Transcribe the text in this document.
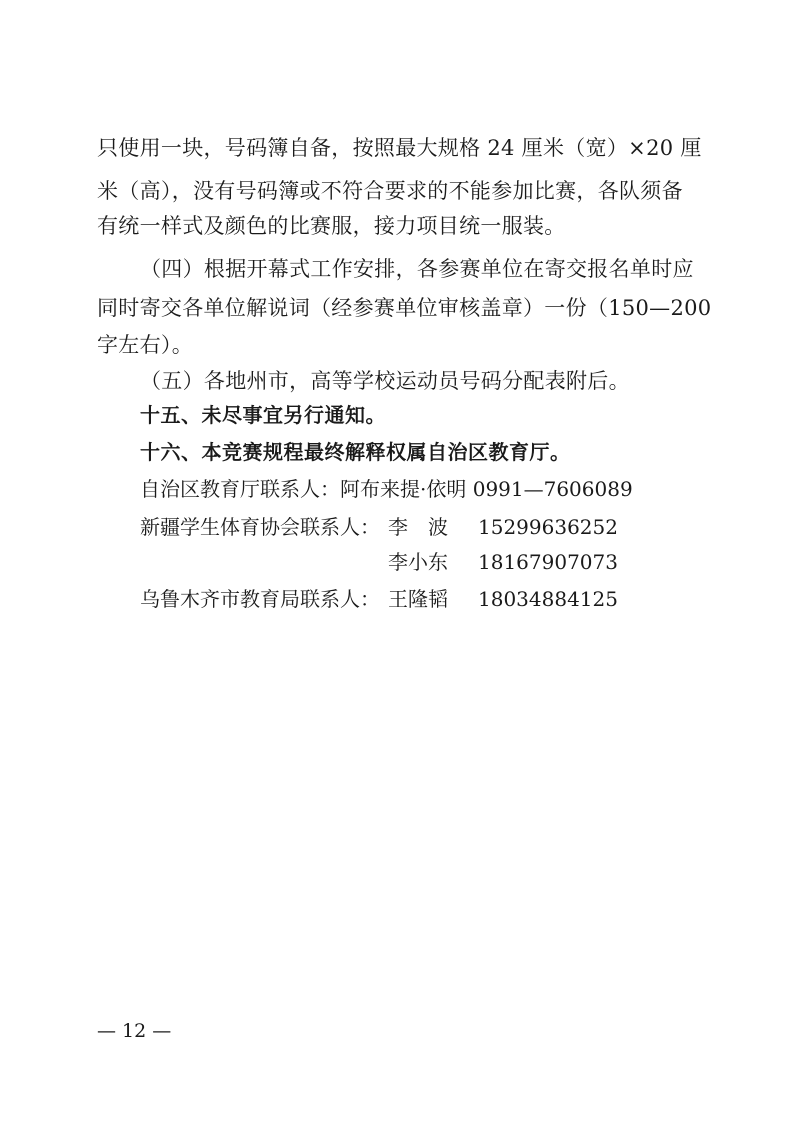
只使用一块，号码簿自备，按照最大规格 24 厘米（宽）×20 厘
米（高），没有号码簿或不符合要求的不能参加比赛，各队须备
有统一样式及颜色的比赛服，接力项目统一服装。
（四）根据开幕式工作安排，各参赛单位在寄交报名单时应
同时寄交各单位解说词（经参赛单位审核盖章）一份（150—200
字左右）。
（五）各地州市，高等学校运动员号码分配表附后。
十五、未尽事宜另行通知。
十六、本竞赛规程最终解释权属自治区教育厅。
自治区教育厅联系人：阿布来提·依明 0991—7606089
新疆学生体育协会联系人： 李　波	15299636252
李小东	18167907073
乌鲁木齐市教育局联系人： 王隆韬	18034884125
— 12 —
